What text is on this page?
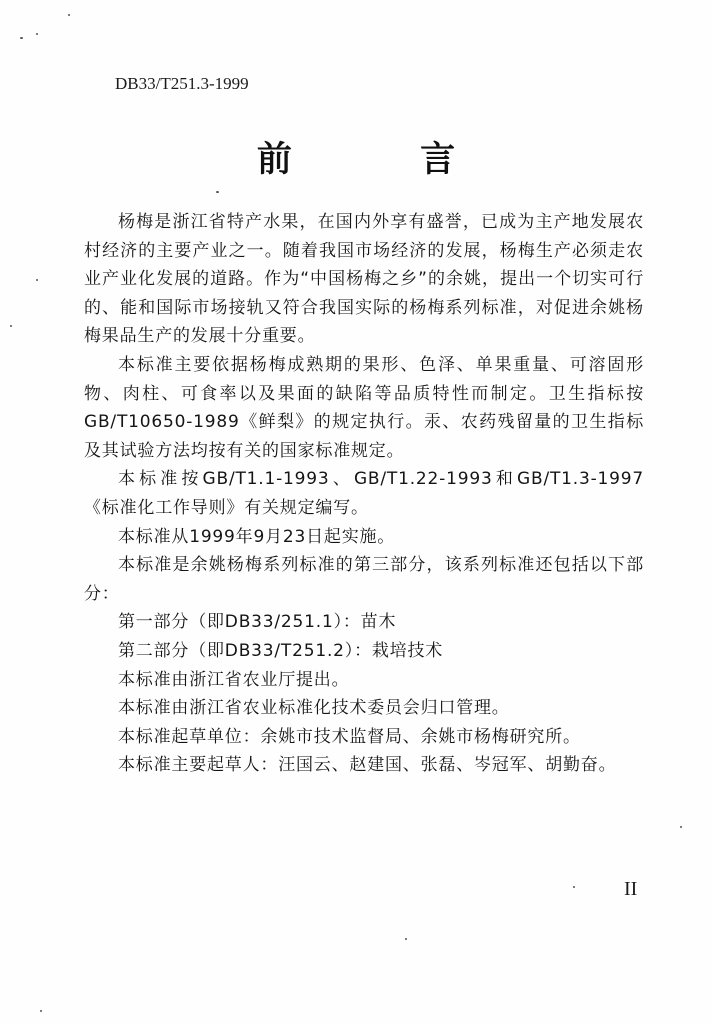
DB33/T251.3-1999
前 言

杨梅是浙江省特产水果，在国内外享有盛誉，已成为主产地发展农村经济的主要产业之一。随着我国市场经济的发展，杨梅生产必须走农业产业化发展的道路。作为“中国杨梅之乡”的余姚，提出一个切实可行的、能和国际市场接轨又符合我国实际的杨梅系列标准，对促进余姚杨梅果品生产的发展十分重要。

本标准主要依据杨梅成熟期的果形、色泽、单果重量、可溶固形物、肉柱、可食率以及果面的缺陷等品质特性而制定。卫生指标按GB/T10650-1989《鲜梨》的规定执行。汞、农药残留量的卫生指标及其试验方法均按有关的国家标准规定。

本标准按GB/T1.1-1993、GB/T1.22-1993和GB/T1.3-1997《标准化工作导则》有关规定编写。

本标准从1999年9月23日起实施。

本标准是余姚杨梅系列标准的第三部分，该系列标准还包括以下部分：

第一部分（即DB33/251.1）：苗木

第二部分（即DB33/T251.2）：栽培技术

本标准由浙江省农业厅提出。

本标准由浙江省农业标准化技术委员会归口管理。

本标准起草单位：余姚市技术监督局、余姚市杨梅研究所。

本标准主要起草人：汪国云、赵建国、张磊、岑冠军、胡勤奋。

II
